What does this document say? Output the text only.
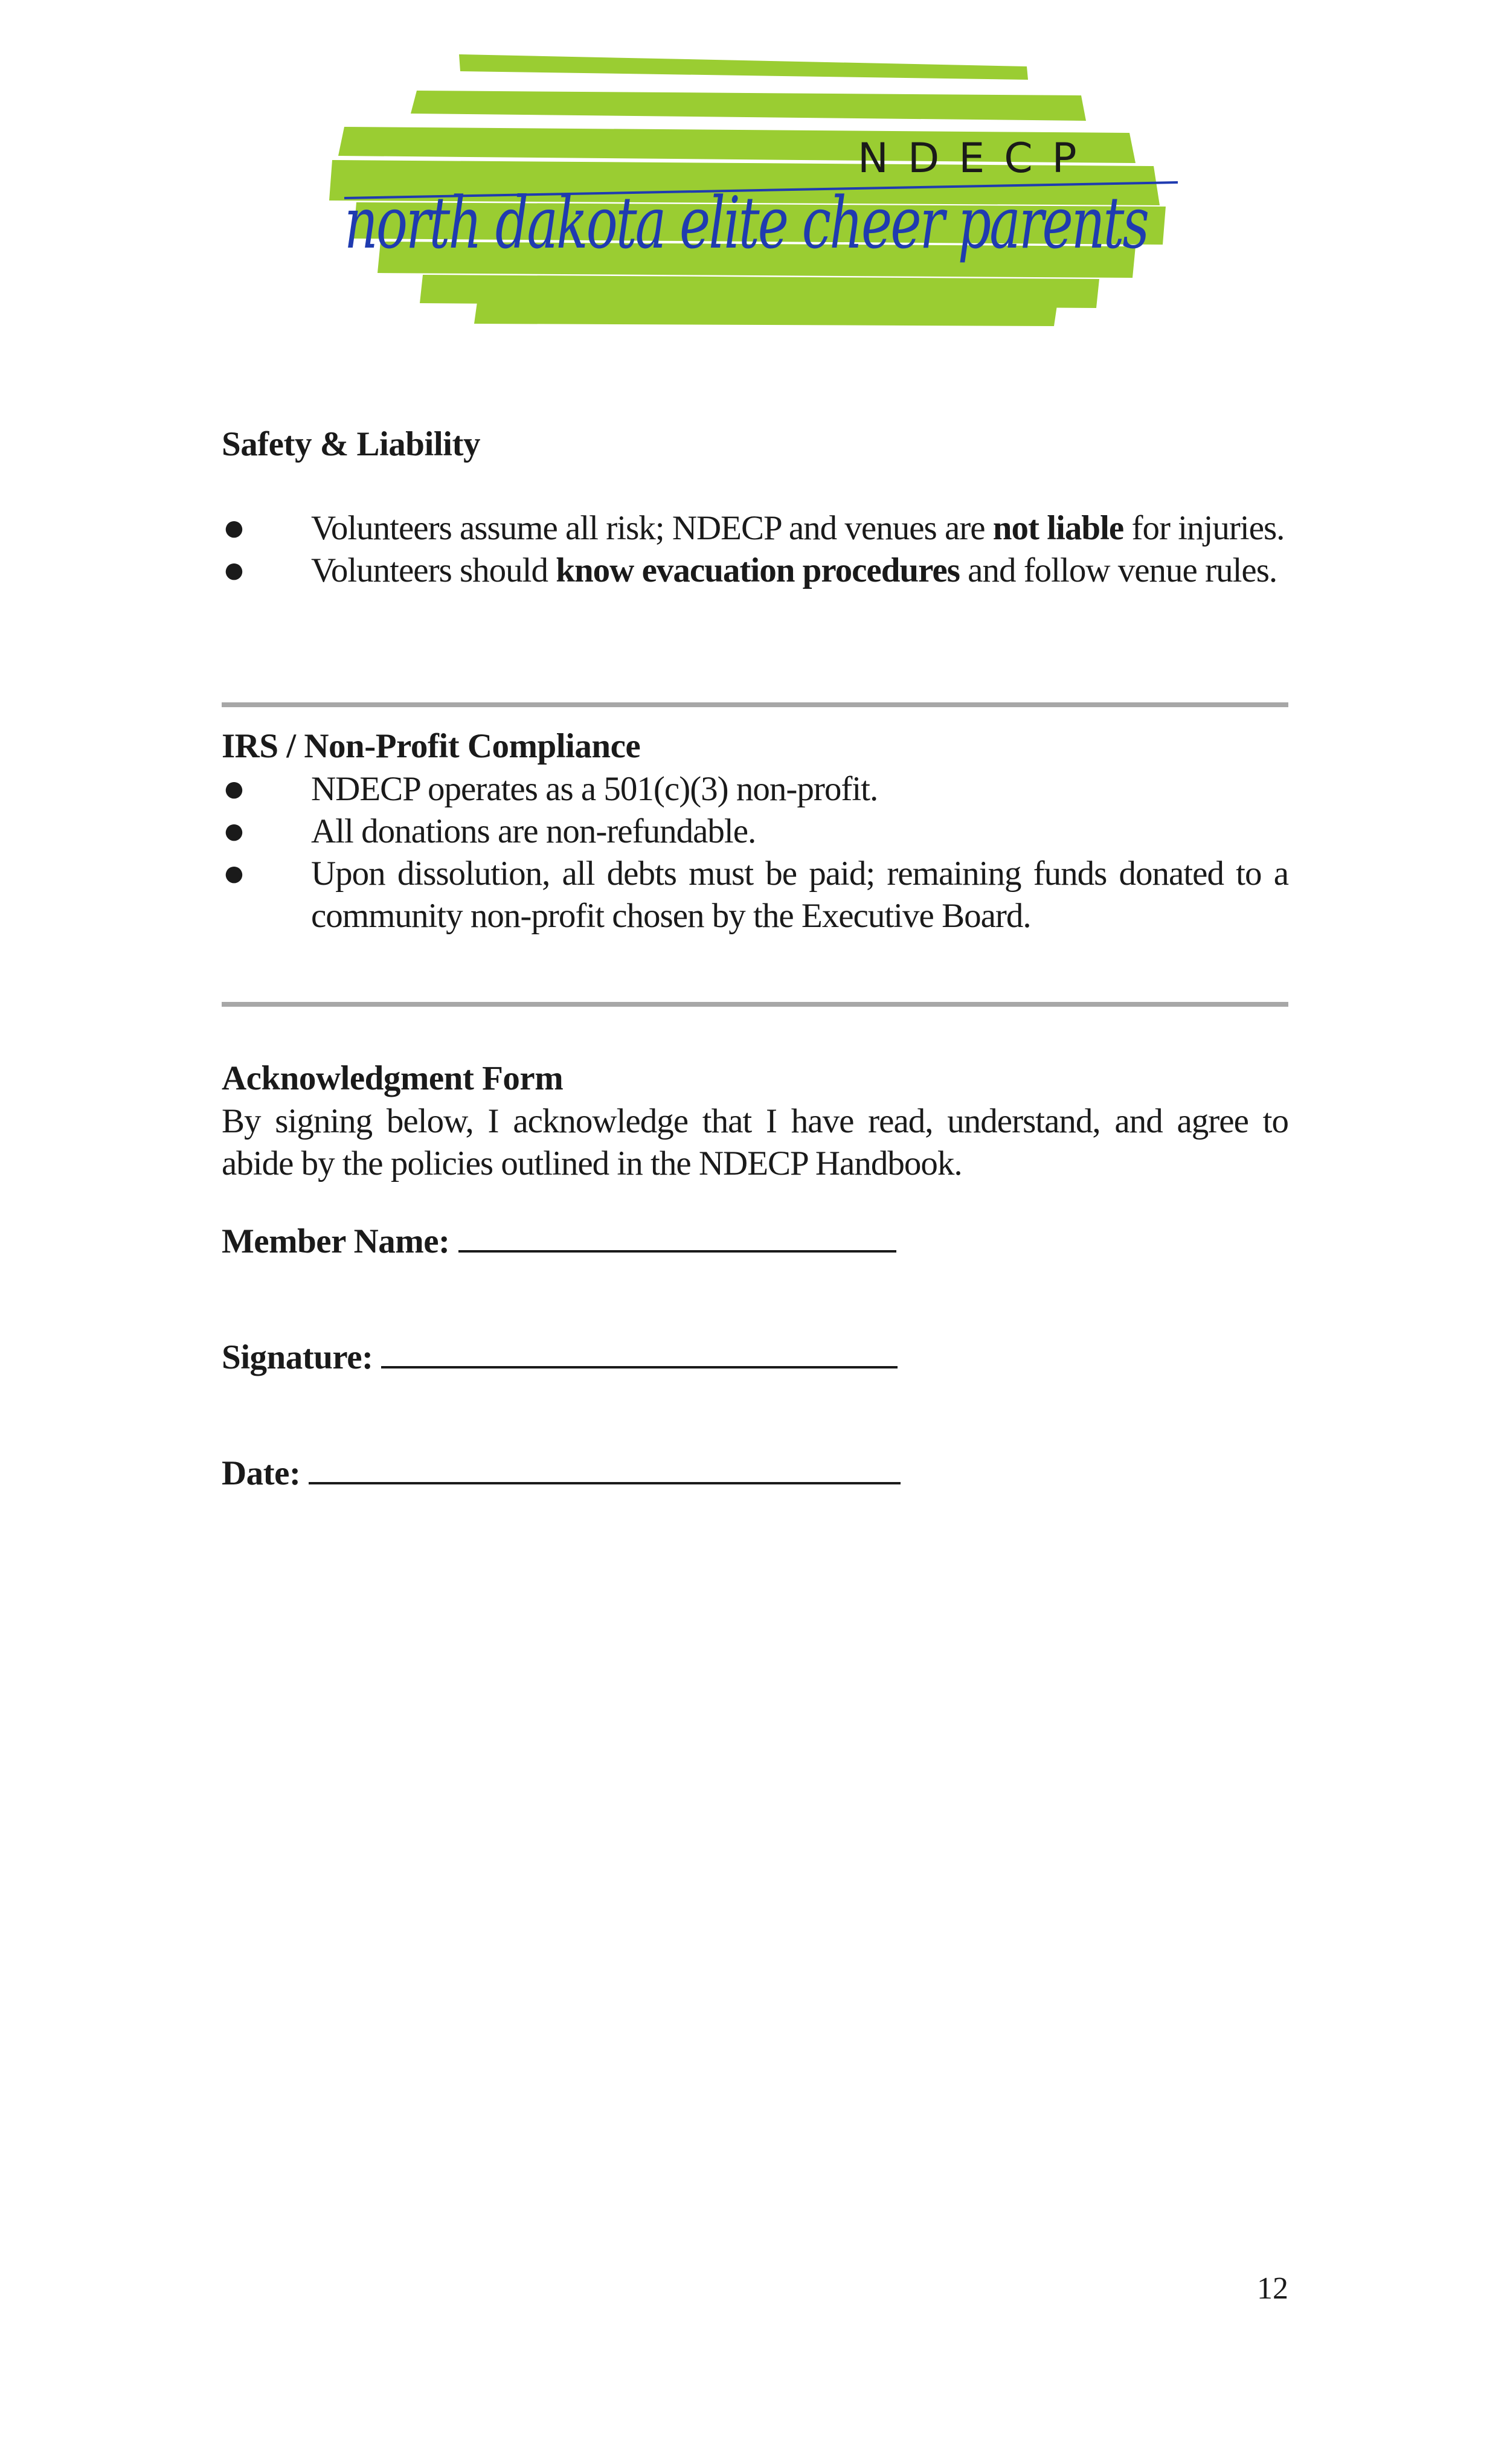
NDECP
north dakota elite cheer parents
Safety & Liability
● Volunteers assume all risk; NDECP and venues are not liable for injuries.
● Volunteers should know evacuation procedures and follow venue rules.
IRS / Non-Profit Compliance
● NDECP operates as a 501(c)(3) non-profit.
● All donations are non-refundable.
● Upon dissolution, all debts must be paid; remaining funds donated to a community non-profit chosen by the Executive Board.
Acknowledgment Form
By signing below, I acknowledge that I have read, understand, and agree to abide by the policies outlined in the NDECP Handbook.
Member Name:
Signature:
Date:
12
